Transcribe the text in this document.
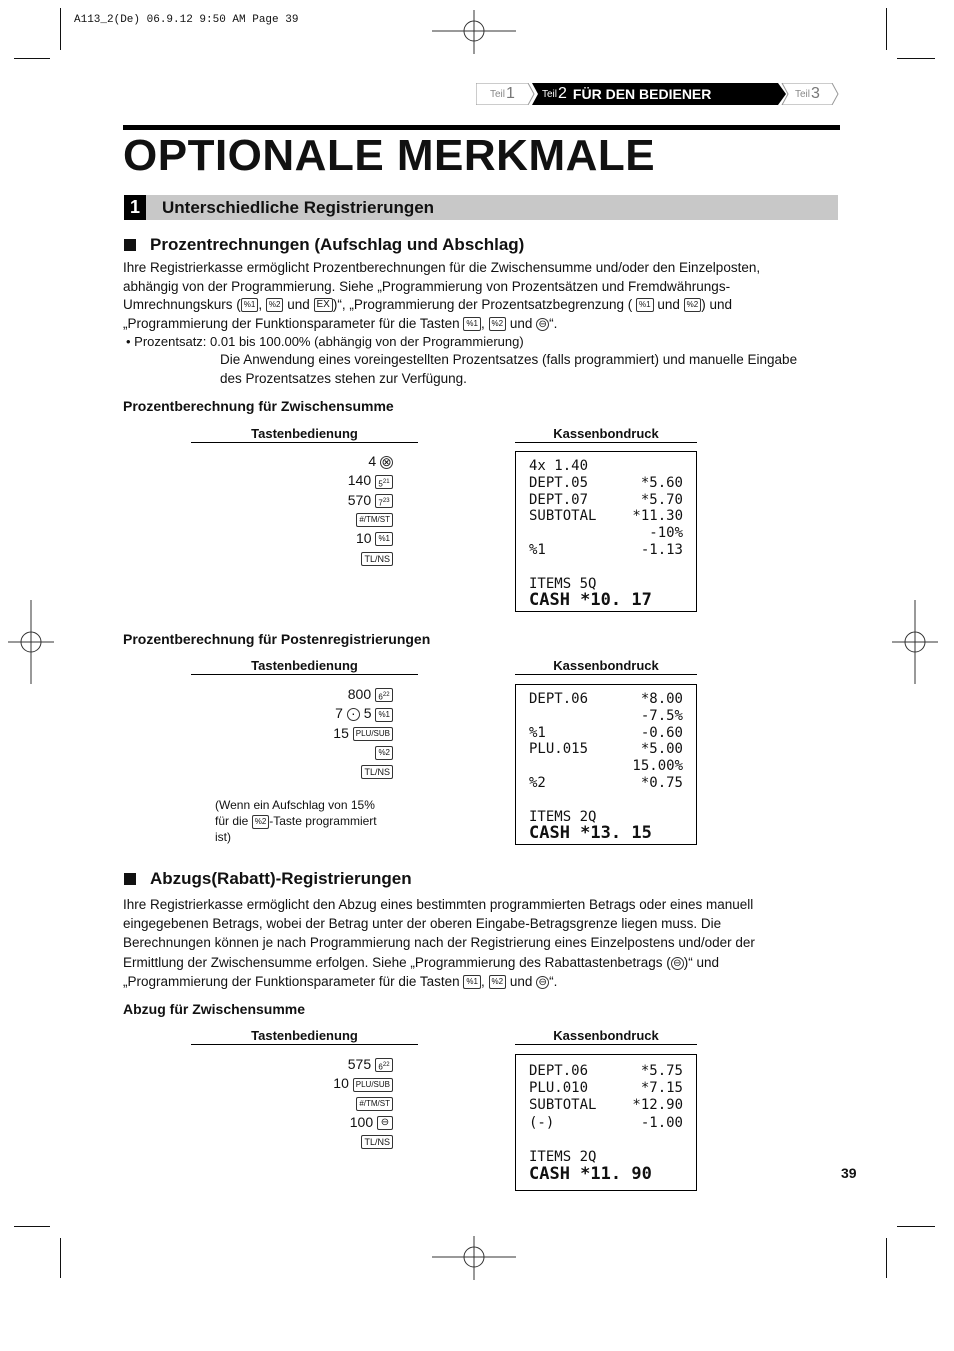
A113_2(De) 06.9.12 9:50 AM Page 39
Teil 1	Teil 2 FÜR DEN BEDIENER	Teil 3
OPTIONALE MERKMALE
1	Unterschiedliche Registrierungen
Prozentrechnungen (Aufschlag und Abschlag)
Ihre Registrierkasse ermöglicht Prozentberechnungen für die Zwischensumme und/oder den Einzelposten,
abhängig von der Programmierung. Siehe „Programmierung von Prozentsätzen und Fremdwährungs-
Umrechnungskurs ( %1 , %2 und EX )“, „Programmierung der Prozentsatzbegrenzung ( %1 und %2 ) und
„Programmierung der Funktionsparameter für die Tasten %1 , %2 und ⊖ “.
• Prozentsatz: 0.01 bis 100.00% (abhängig von der Programmierung)
Die Anwendung eines voreingestellten Prozentsatzes (falls programmiert) und manuelle Eingabe
des Prozentsatzes stehen zur Verfügung.
Prozentberechnung für Zwischensumme
Tastenbedienung	Kassenbondruck
4 ⊗
140 $5^{21}$
570 $7^{23}$
#/TM/ST
10 %1
TL/NS
4x 1.40
DEPT.05	*5.60
DEPT.07	*5.70
SUBTOTAL	*11.30
-10%
%1	-1.13
ITEMS 5Q
CASH *10. 17
Prozentberechnung für Postenregistrierungen
Tastenbedienung	Kassenbondruck
800 $6^{22}$
7 · 5 %1
15 PLU/SUB
%2
TL/NS
(Wenn ein Aufschlag von 15%
für die %2 -Taste programmiert
ist)
DEPT.06	*8.00
-7.5%
%1	-0.60
PLU.015	*5.00
15.00%
%2	*0.75
ITEMS 2Q
CASH *13. 15
Abzugs(Rabatt)-Registrierungen
Ihre Registrierkasse ermöglicht den Abzug eines bestimmten programmierten Betrags oder eines manuell
eingegebenen Betrags, wobei der Betrag unter der oberen Eingabe-Betragsgrenze liegen muss. Die
Berechnungen können je nach Programmierung nach der Registrierung eines Einzelpostens und/oder der
Ermittlung der Zwischensumme erfolgen. Siehe „Programmierung des Rabattastenbetrags ( ⊖ )“ und
„Programmierung der Funktionsparameter für die Tasten %1 , %2 und ⊖ “.
Abzug für Zwischensumme
Tastenbedienung	Kassenbondruck
575 $6^{22}$
10 PLU/SUB
#/TM/ST
100 ⊖
TL/NS
DEPT.06	*5.75
PLU.010	*7.15
SUBTOTAL	*12.90
(-)	-1.00
ITEMS 2Q
CASH *11. 90	39
